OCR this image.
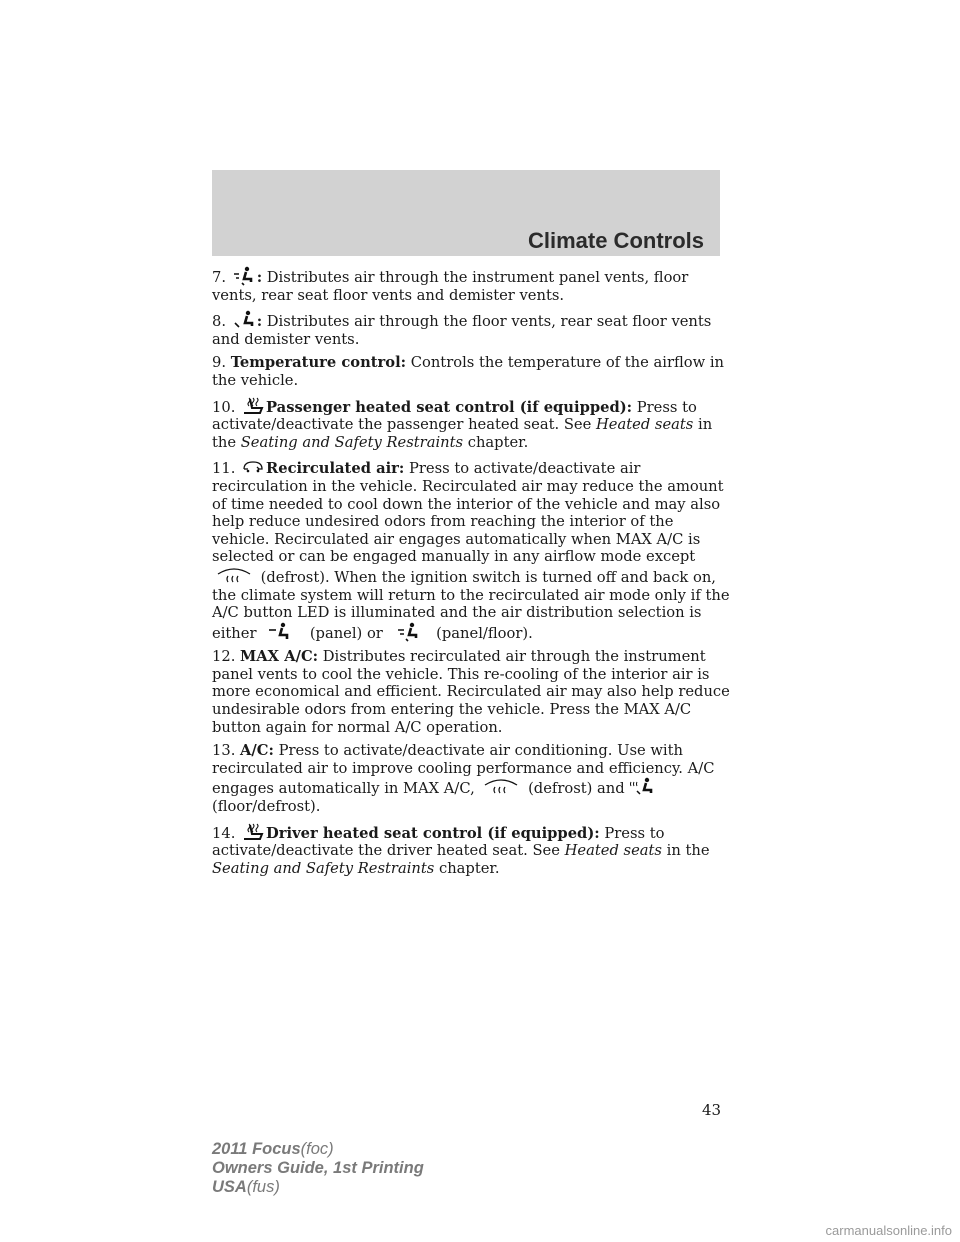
Climate Controls
7. : Distributes air through the instrument panel vents, floor vents, rear seat floor vents and demister vents.
8. : Distributes air through the floor vents, rear seat floor vents and demister vents.
9. Temperature control: Controls the temperature of the airflow in the vehicle.
10. Passenger heated seat control (if equipped): Press to activate/deactivate the passenger heated seat. See Heated seats in the Seating and Safety Restraints chapter.
11. Recirculated air: Press to activate/deactivate air recirculation in the vehicle. Recirculated air may reduce the amount of time needed to cool down the interior of the vehicle and may also help reduce undesired odors from reaching the interior of the vehicle. Recirculated air engages automatically when MAX A/C is selected or can be engaged manually in any airflow mode except
(defrost). When the ignition switch is turned off and back on, the climate system will return to the recirculated air mode only if the A/C button LED is illuminated and the air distribution selection is either	(panel) or	(panel/floor).
12. MAX A/C: Distributes recirculated air through the instrument panel vents to cool the vehicle. This re-cooling of the interior air is more economical and efficient. Recirculated air may also help reduce undesirable odors from entering the vehicle. Press the MAX A/C button again for normal A/C operation.
13. A/C: Press to activate/deactivate air conditioning. Use with recirculated air to improve cooling performance and efficiency. A/C engages automatically in MAX A/C,	(defrost) and

(floor/defrost).
14. Driver heated seat control (if equipped): Press to activate/deactivate the driver heated seat. See Heated seats in the Seating and Safety Restraints chapter.
43
2011 Focus(foc)
Owners Guide, 1st Printing
USA(fus)
carmanualsonline.info
